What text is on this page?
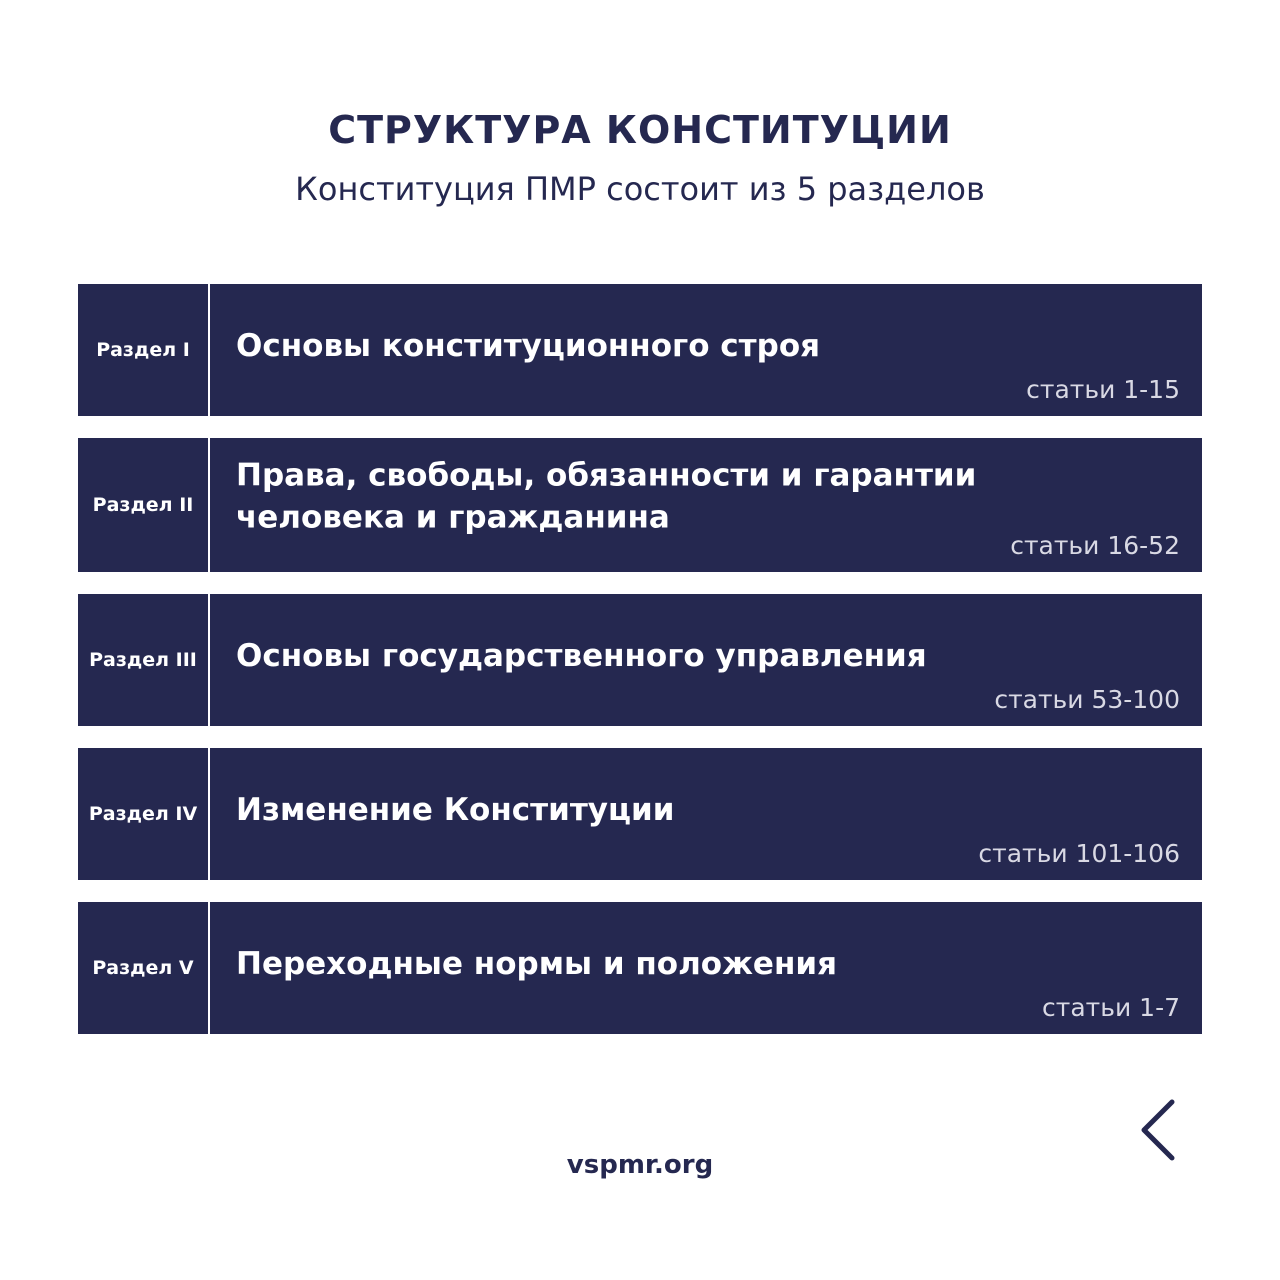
СТРУКТУРА КОНСТИТУЦИИ
Конституция ПМР состоит из 5 разделов
Раздел I	Основы конституционного строя
статьи 1-15
Раздел II
Права, свободы, обязанности и гарантии человека и гражданина
статьи 16-52
Раздел III	Основы государственного управления
статьи 53-100
Раздел IV	Изменение Конституции
статьи 101-106
Раздел V	Переходные нормы и положения
статьи 1-7
vspmr.org
